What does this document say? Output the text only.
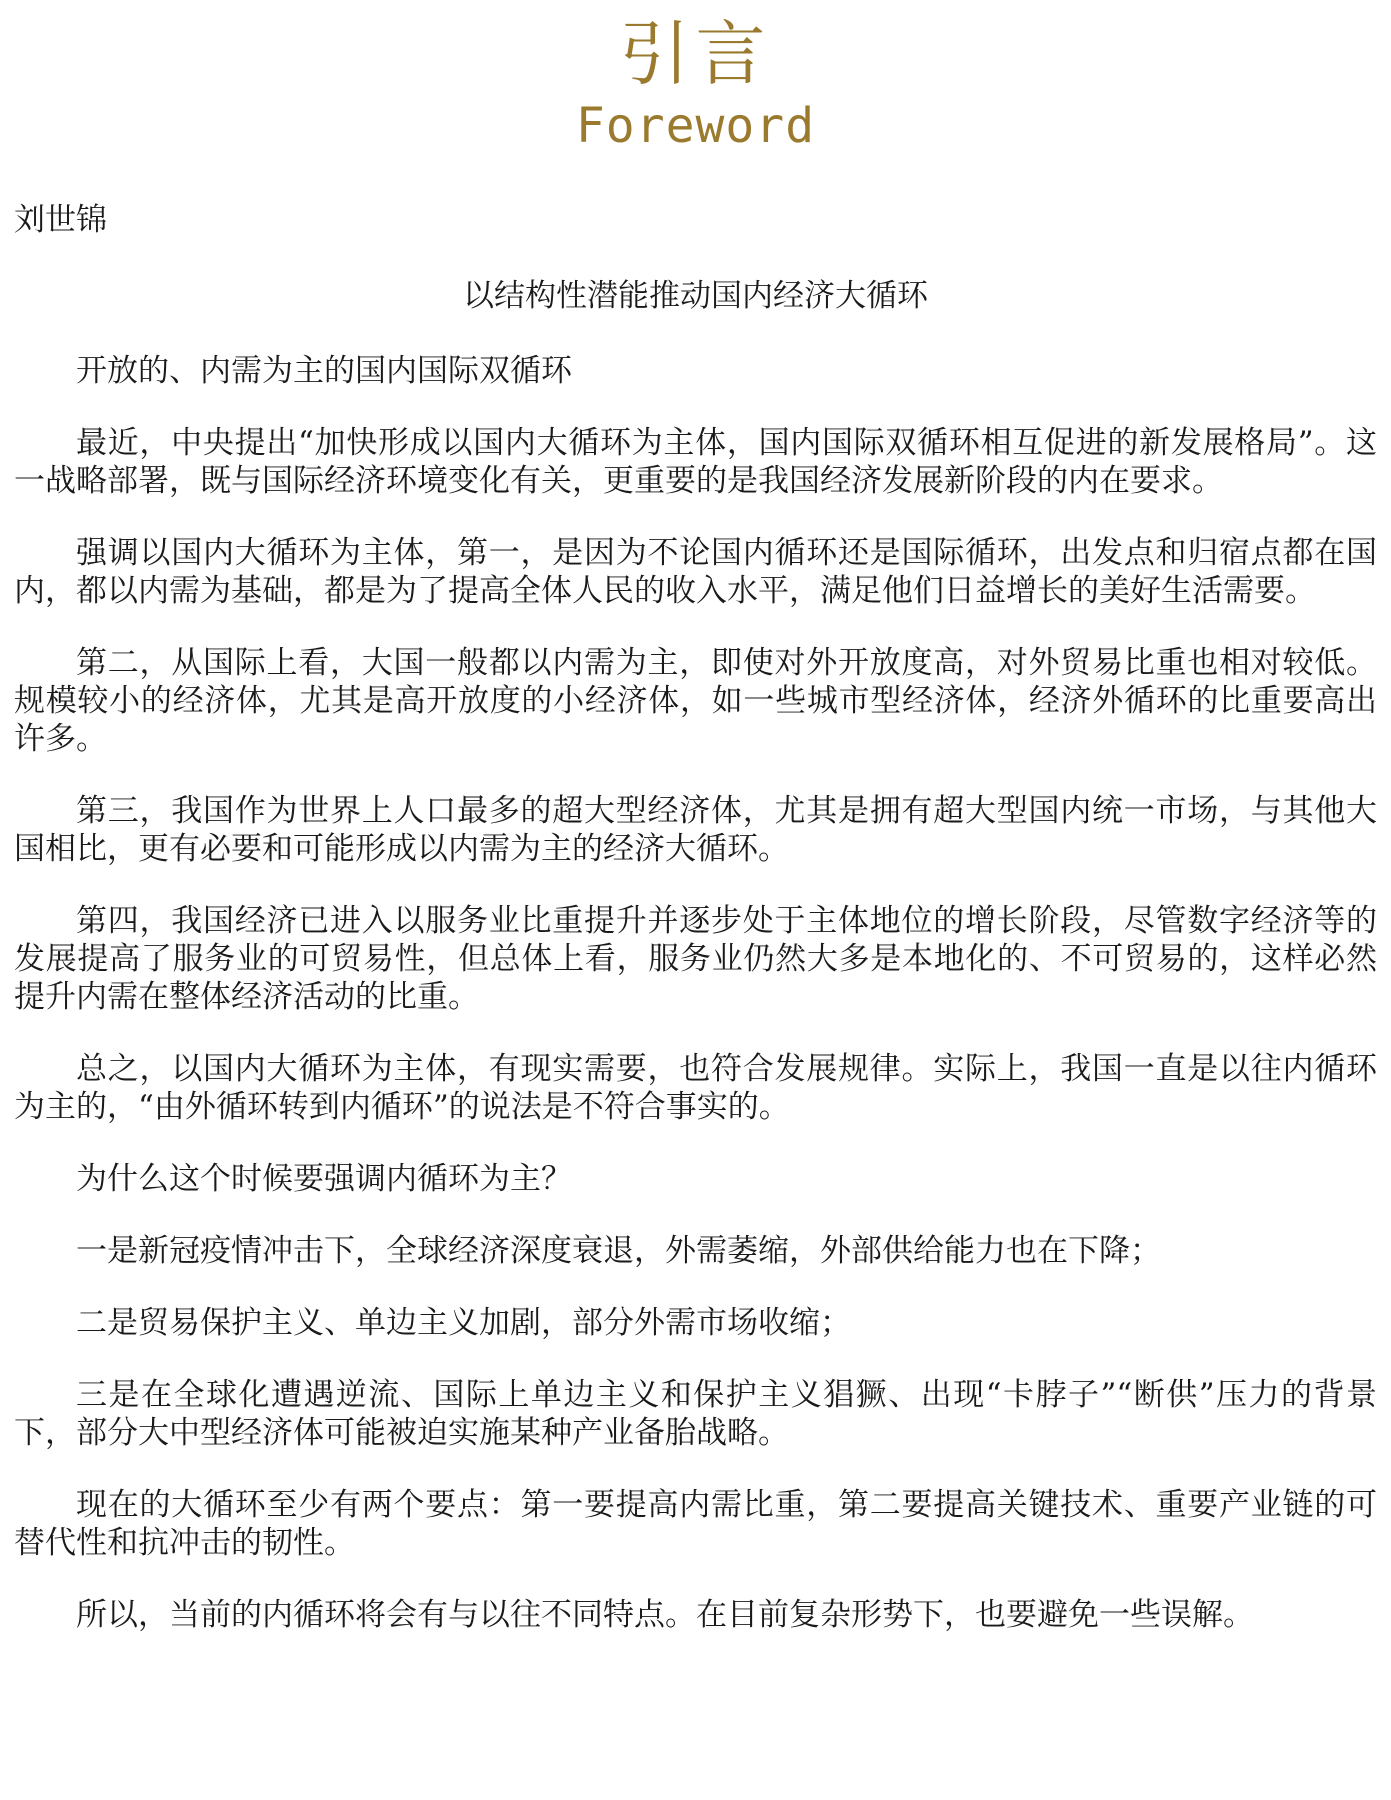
引言
Foreword
刘世锦
以结构性潜能推动国内经济大循环

开放的、内需为主的国内国际双循环

最近，中央提出“加快形成以国内大循环为主体，国内国际双循环相互促进的新发展格局”。这一战略部署，既与国际经济环境变化有关，更重要的是我国经济发展新阶段的内在要求。

强调以国内大循环为主体，第一，是因为不论国内循环还是国际循环，出发点和归宿点都在国内，都以内需为基础，都是为了提高全体人民的收入水平，满足他们日益增长的美好生活需要。

第二，从国际上看，大国一般都以内需为主，即使对外开放度高，对外贸易比重也相对较低。规模较小的经济体，尤其是高开放度的小经济体，如一些城市型经济体，经济外循环的比重要高出许多。

第三，我国作为世界上人口最多的超大型经济体，尤其是拥有超大型国内统一市场，与其他大国相比，更有必要和可能形成以内需为主的经济大循环。

第四，我国经济已进入以服务业比重提升并逐步处于主体地位的增长阶段，尽管数字经济等的发展提高了服务业的可贸易性，但总体上看，服务业仍然大多是本地化的、不可贸易的，这样必然提升内需在整体经济活动的比重。

总之，以国内大循环为主体，有现实需要，也符合发展规律。实际上，我国一直是以往内循环为主的，“由外循环转到内循环”的说法是不符合事实的。

为什么这个时候要强调内循环为主？

一是新冠疫情冲击下，全球经济深度衰退，外需萎缩，外部供给能力也在下降；

二是贸易保护主义、单边主义加剧，部分外需市场收缩；

三是在全球化遭遇逆流、国际上单边主义和保护主义猖獗、出现“卡脖子”“断供”压力的背景下，部分大中型经济体可能被迫实施某种产业备胎战略。

现在的大循环至少有两个要点：第一要提高内需比重，第二要提高关键技术、重要产业链的可替代性和抗冲击的韧性。

所以，当前的内循环将会有与以往不同特点。在目前复杂形势下，也要避免一些误解。
